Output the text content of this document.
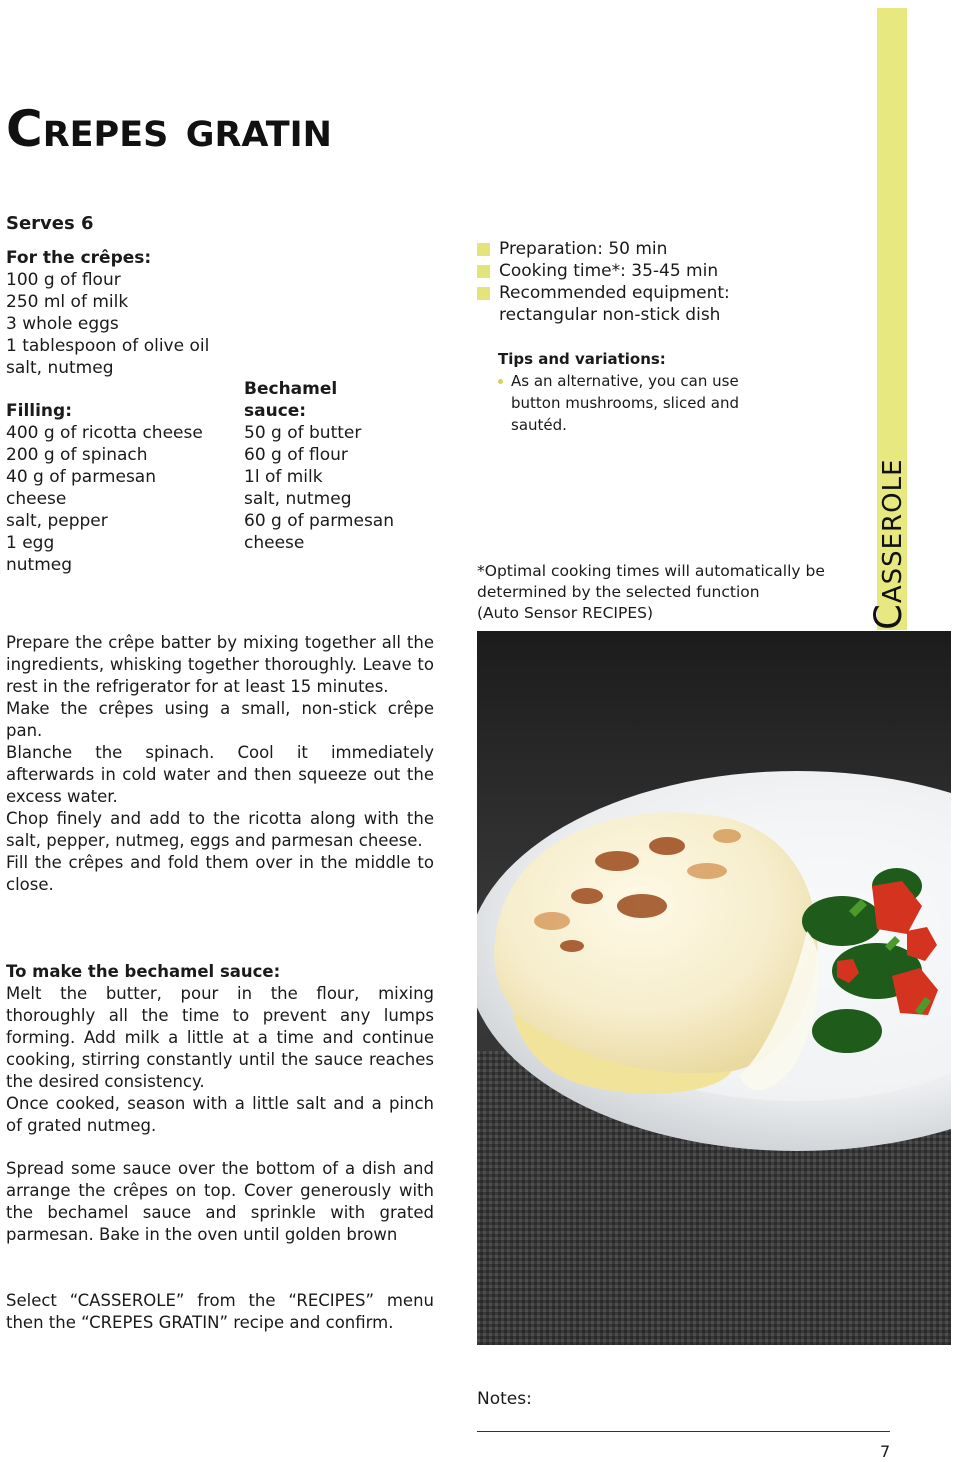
Crepes gratin
Serves 6
For the crêpes:
100 g of flour
250 ml of milk
3 whole eggs
1 tablespoon of olive oil
salt, nutmeg
Filling:
400 g of ricotta cheese
200 g of spinach
40 g of parmesan
cheese
salt, pepper
1 egg
nutmeg
Bechamel
sauce:
50 g of butter
60 g of flour
1l of milk
salt, nutmeg
60 g of parmesan
cheese

Prepare the crêpe batter by mixing together all the ingredients, whisking together thoroughly. Leave to rest in the refrigerator for at least 15 minutes.

Make the crêpes using a small, non-stick crêpe pan.

Blanche the spinach. Cool it immediately afterwards in cold water and then squeeze out the excess water.

Chop finely and add to the ricotta along with the salt, pepper, nutmeg, eggs and parmesan cheese.

Fill the crêpes and fold them over in the middle to close.

To make the bechamel sauce:

Melt the butter, pour in the flour, mixing thoroughly all the time to prevent any lumps forming. Add milk a little at a time and continue cooking, stirring constantly until the sauce reaches the desired consistency.

Once cooked, season with a little salt and a pinch of grated nutmeg.

Spread some sauce over the bottom of a dish and arrange the crêpes on top. Cover generously with the bechamel sauce and sprinkle with grated parmesan. Bake in the oven until golden brown

Select “CASSEROLE” from the “RECIPES” menu then the “CREPES GRATIN” recipe and confirm.

Preparation: 50 min
Cooking time*: 35-45 min
Recommended equipment:
rectangular non-stick dish
Tips and variations:
As an alternative, you can use button mushrooms, sliced and sautéd.
*Optimal cooking times will automatically be
determined by the selected function
(Auto Sensor RECIPES)	Casserole
Notes:
7
